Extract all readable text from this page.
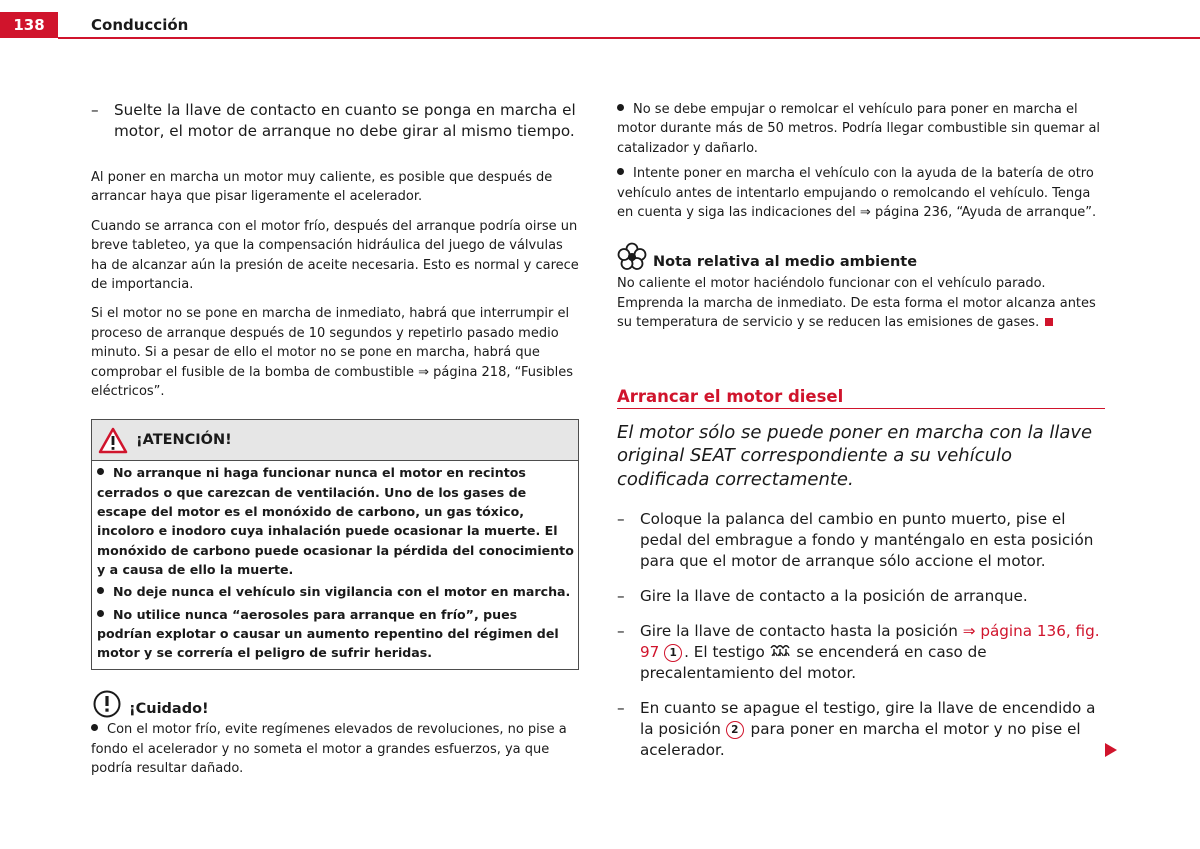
138	Conducción

– Suelte la llave de contacto en cuanto se ponga en marcha el motor, el motor de arranque no debe girar al mismo tiempo.

Al poner en marcha un motor muy caliente, es posible que después de arrancar haya que pisar ligeramente el acelerador.

Cuando se arranca con el motor frío, después del arranque podría oirse un breve tableteo, ya que la compensación hidráulica del juego de válvulas ha de alcanzar aún la presión de aceite necesaria. Esto es normal y carece de importancia.

Si el motor no se pone en marcha de inmediato, habrá que interrumpir el proceso de arranque después de 10 segundos y repetirlo pasado medio minuto. Si a pesar de ello el motor no se pone en marcha, habrá que comprobar el fusible de la bomba de combustible ⇒ página 218, “Fusibles eléctricos”.

¡ATENCIÓN!

No arranque ni haga funcionar nunca el motor en recintos cerrados o que carezcan de ventilación. Uno de los gases de escape del motor es el monóxido de carbono, un gas tóxico, incoloro e inodoro cuya inhalación puede ocasionar la muerte. El monóxido de carbono puede ocasionar la pérdida del conocimiento y a causa de ello la muerte.

No deje nunca el vehículo sin vigilancia con el motor en marcha.

No utilice nunca “aerosoles para arranque en frío”, pues podrían explotar o causar un aumento repentino del régimen del motor y se correría el peligro de sufrir heridas.

¡Cuidado!

Con el motor frío, evite regímenes elevados de revoluciones, no pise a fondo el acelerador y no someta el motor a grandes esfuerzos, ya que podría resultar dañado.

No se debe empujar o remolcar el vehículo para poner en marcha el motor durante más de 50 metros. Podría llegar combustible sin quemar al catalizador y dañarlo.

Intente poner en marcha el vehículo con la ayuda de la batería de otro vehículo antes de intentarlo empujando o remolcando el vehículo. Tenga en cuenta y siga las indicaciones del ⇒ página 236, “Ayuda de arranque”.

Nota relativa al medio ambiente

No caliente el motor haciéndolo funcionar con el vehículo parado. Emprenda la marcha de inmediato. De esta forma el motor alcanza antes su temperatura de servicio y se reducen las emisiones de gases.

Arrancar el motor diesel

El motor sólo se puede poner en marcha con la llave original SEAT correspondiente a su vehículo codificada correctamente.

– Coloque la palanca del cambio en punto muerto, pise el pedal del embrague a fondo y manténgalo en esta posición para que el motor de arranque sólo accione el motor.

– Gire la llave de contacto a la posición de arranque.

– Gire la llave de contacto hasta la posición ⇒ página 136, fig. 97 1 . El testigo  se encenderá en caso de precalentamiento del motor.

– En cuanto se apague el testigo, gire la llave de encendido a la posición 2 para poner en marcha el motor y no pise el acelerador.
